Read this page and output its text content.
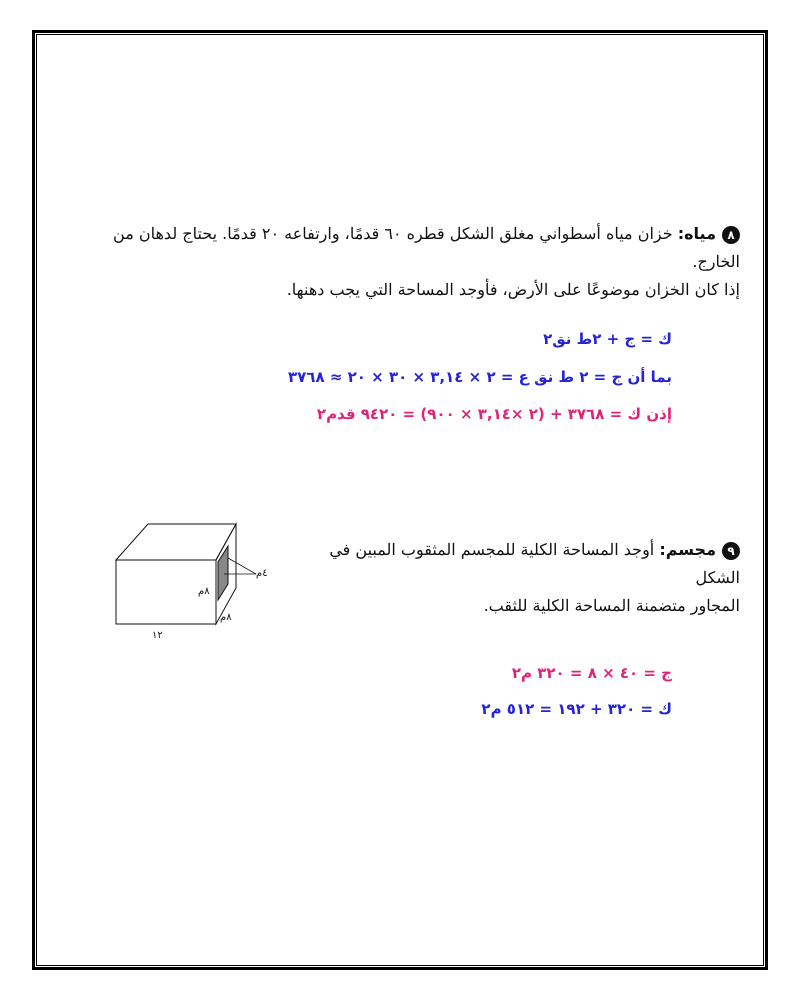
٨مياه: خزان مياه أسطواني مغلق الشكل قطره ٦٠ قدمًا، وارتفاعه ٢٠ قدمًا. يحتاج لدهان من الخارج.
إذا كان الخزان موضوعًا على الأرض، فأوجد المساحة التي يجب دهنها.
ك = ج + ٢ط نق٢
بما أن ج = ٢ ط نق ع = ٢ × ٣,١٤ × ٣٠ × ٢٠ ≈ ٣٧٦٨
إذن ك = ٣٧٦٨ + (٢ ×٣,١٤ × ٩٠٠) = ٩٤٢٠ قدم٢
٩مجسم: أوجد المساحة الكلية للمجسم المثقوب المبين في الشكل
المجاور متضمنة المساحة الكلية للثقب.
٤م
٨م
٨م
١٢
ج = ٤٠ × ٨ = ٣٢٠ م٢
ك = ٣٢٠ + ١٩٢ = ٥١٢ م٢
